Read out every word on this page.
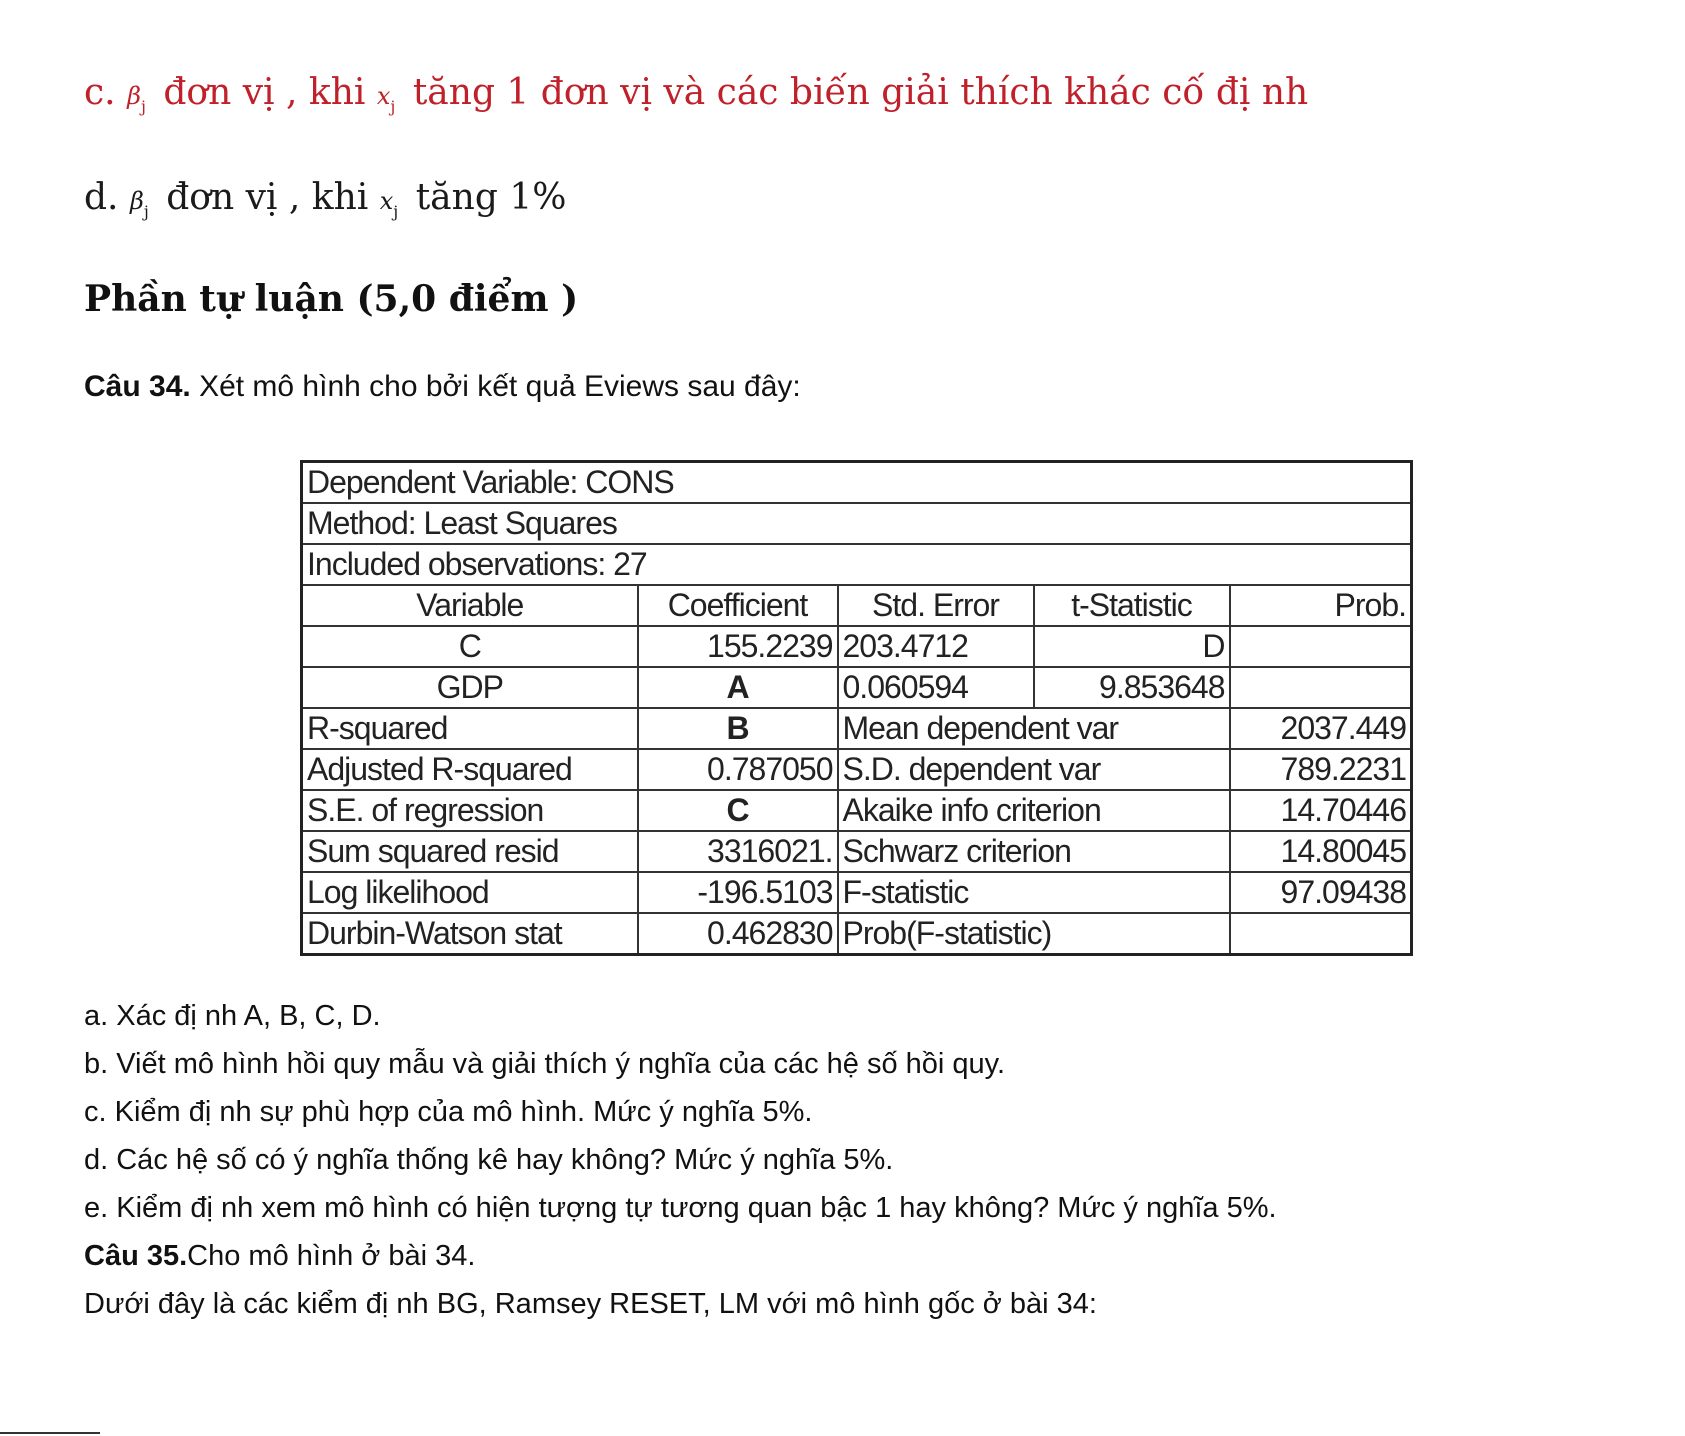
c. $\beta_j$ đơn vị , khi $x_j$ tăng 1 đơn vị và các biến giải thích khác cố đị nh
d. $\beta_j$ đơn vị , khi $x_j$ tăng 1%
Phần tự luận (5,0 điểm )
Câu 34. Xét mô hình cho bởi kết quả Eviews sau đây:
Dependent Variable: CONS				
Method: Least Squares				
Included observations: 27				
Variable	Coefficient	Std. Error	t-Statistic	Prob.
C	155.2239	203.4712	D	
GDP	A	0.060594	9.853648	
R-squared	B	Mean dependent var		2037.449
Adjusted R-squared	0.787050	S.D. dependent var		789.2231
S.E. of regression	C	Akaike info criterion		14.70446
Sum squared resid	3316021.	Schwarz criterion		14.80045
Log likelihood	-196.5103	F-statistic		97.09438
Durbin-Watson stat	0.462830	Prob(F-statistic)		
a. Xác đị nh A, B, C, D.
b. Viết mô hình hồi quy mẫu và giải thích ý nghĩa của các hệ số hồi quy.
c. Kiểm đị nh sự phù hợp của mô hình. Mức ý nghĩa 5%.
d. Các hệ số có ý nghĩa thống kê hay không? Mức ý nghĩa 5%.
e. Kiểm đị nh xem mô hình có hiện tượng tự tương quan bậc 1 hay không? Mức ý nghĩa 5%.
Câu 35.Cho mô hình ở bài 34.
Dưới đây là các kiểm đị nh BG, Ramsey RESET, LM với mô hình gốc ở bài 34:
